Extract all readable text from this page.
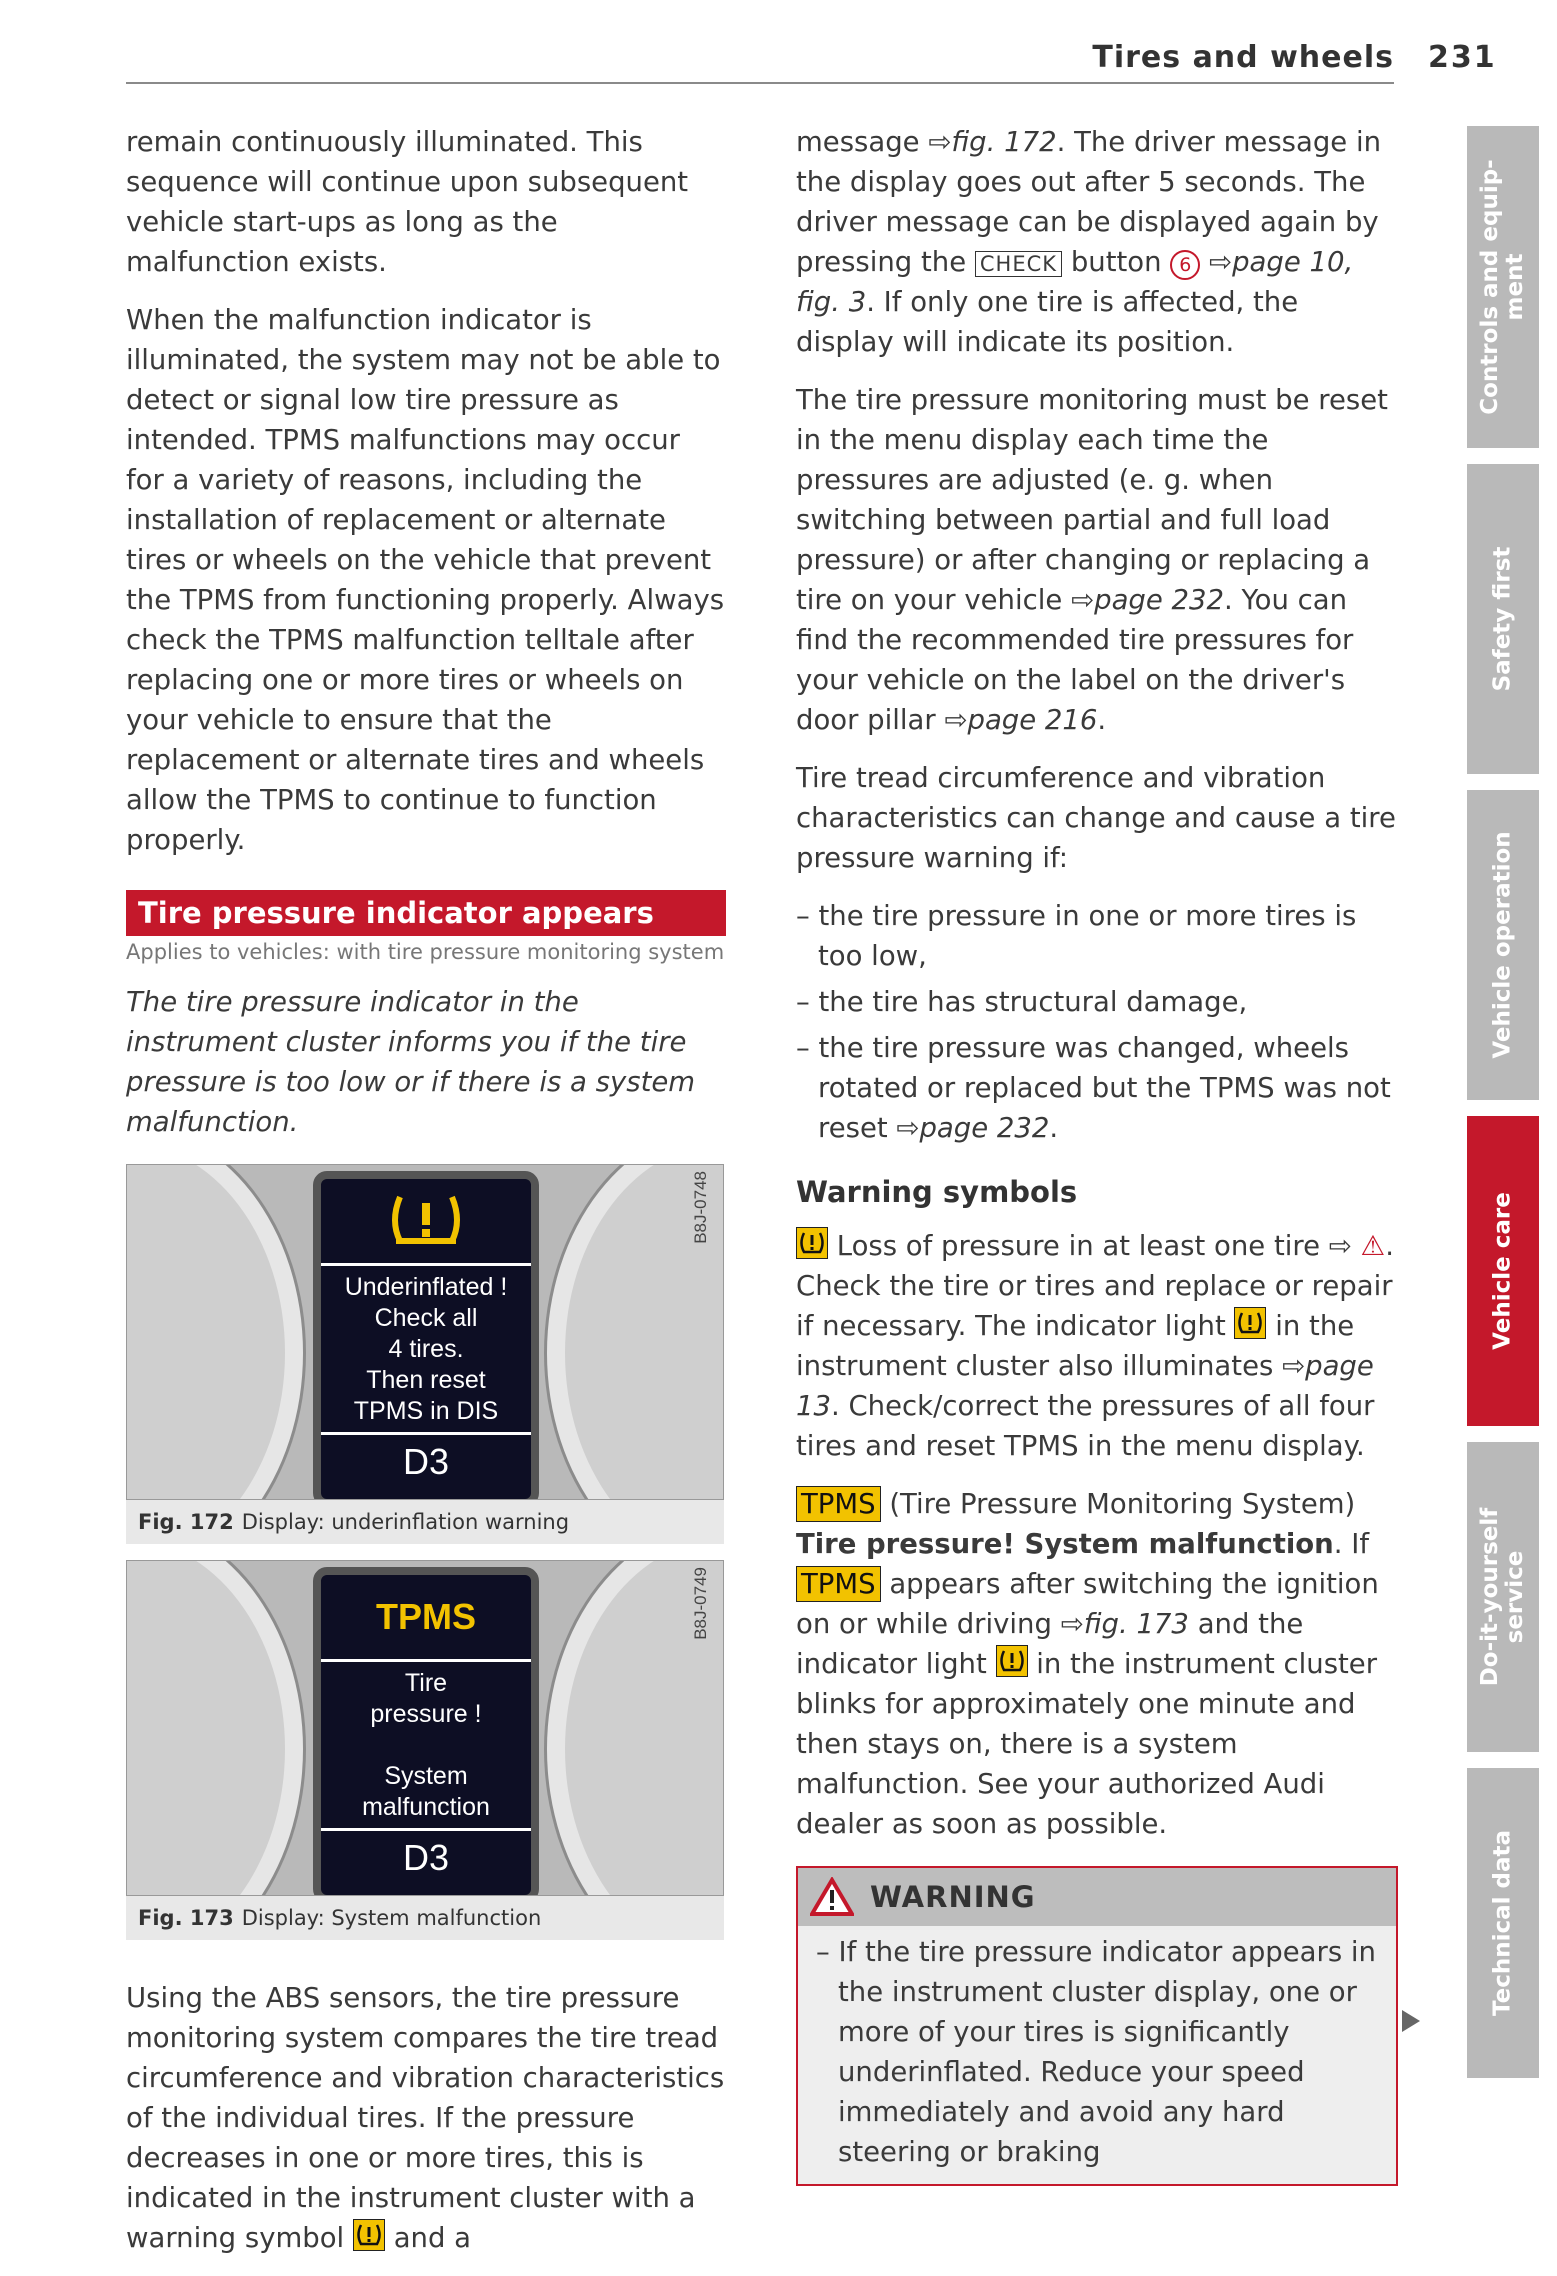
Tires and wheels 231

remain continuously illuminated. This sequence will continue upon subsequent vehicle start-ups as long as the malfunction exists.

When the malfunction indicator is illuminated, the system may not be able to detect or signal low tire pressure as intended. TPMS malfunctions may occur for a variety of reasons, including the installation of replacement or alternate tires or wheels on the vehicle that prevent the TPMS from functioning properly. Always check the TPMS malfunction telltale after replacing one or more tires or wheels on your vehicle to ensure that the replacement or alternate tires and wheels allow the TPMS to continue to function properly.

Tire pressure indicator appears
Applies to vehicles: with tire pressure monitoring system

The tire pressure indicator in the instrument cluster informs you if the tire pressure is too low or if there is a system malfunction.

Underinflated !
Check all
4 tires.
Then reset
TPMS in DIS
D3
B8J-0748
Fig. 172 Display: underinflation warning
TPMS
Tire
pressure !
System
malfunction
D3
B8J-0749
Fig. 173 Display: System malfunction

Using the ABS sensors, the tire pressure monitoring system compares the tire tread circumference and vibration characteristics of the individual tires. If the pressure decreases in one or more tires, this is indicated in the instrument cluster with a warning symbol and a

message ⇨fig. 172. The driver message in the display goes out after 5 seconds. The driver message can be displayed again by pressing the CHECK button 6 ⇨page 10, fig. 3. If only one tire is affected, the display will indicate its position.

The tire pressure monitoring must be reset in the menu display each time the pressures are adjusted (e. g. when switching between partial and full load pressure) or after changing or replacing a tire on your vehicle ⇨page 232. You can find the recommended tire pressures for your vehicle on the label on the driver's door pillar ⇨page 216.

Tire tread circumference and vibration characteristics can change and cause a tire pressure warning if:

– the tire pressure in one or more tires is too low,
– the tire has structural damage,
– the tire pressure was changed, wheels rotated or replaced but the TPMS was not reset ⇨page 232.
Warning symbols

Loss of pressure in at least one tire ⇨ ⚠. Check the tire or tires and replace or repair if necessary. The indicator light in the instrument cluster also illuminates ⇨page 13. Check/correct the pressures of all four tires and reset TPMS in the menu display.

TPMS (Tire Pressure Monitoring System) Tire pressure! System malfunction. If TPMS appears after switching the ignition on or while driving ⇨fig. 173 and the indicator light in the instrument cluster blinks for approximately one minute and then stays on, there is a system malfunction. See your authorized Audi dealer as soon as possible.

WARNING
– If the tire pressure indicator appears in the instrument cluster display, one or more of your tires is significantly underinflated. Reduce your speed immediately and avoid any hard steering or braking
Controls and equip-
ment
Safety first
Vehicle operation
Vehicle care
Do-it-yourself
service
Technical data
